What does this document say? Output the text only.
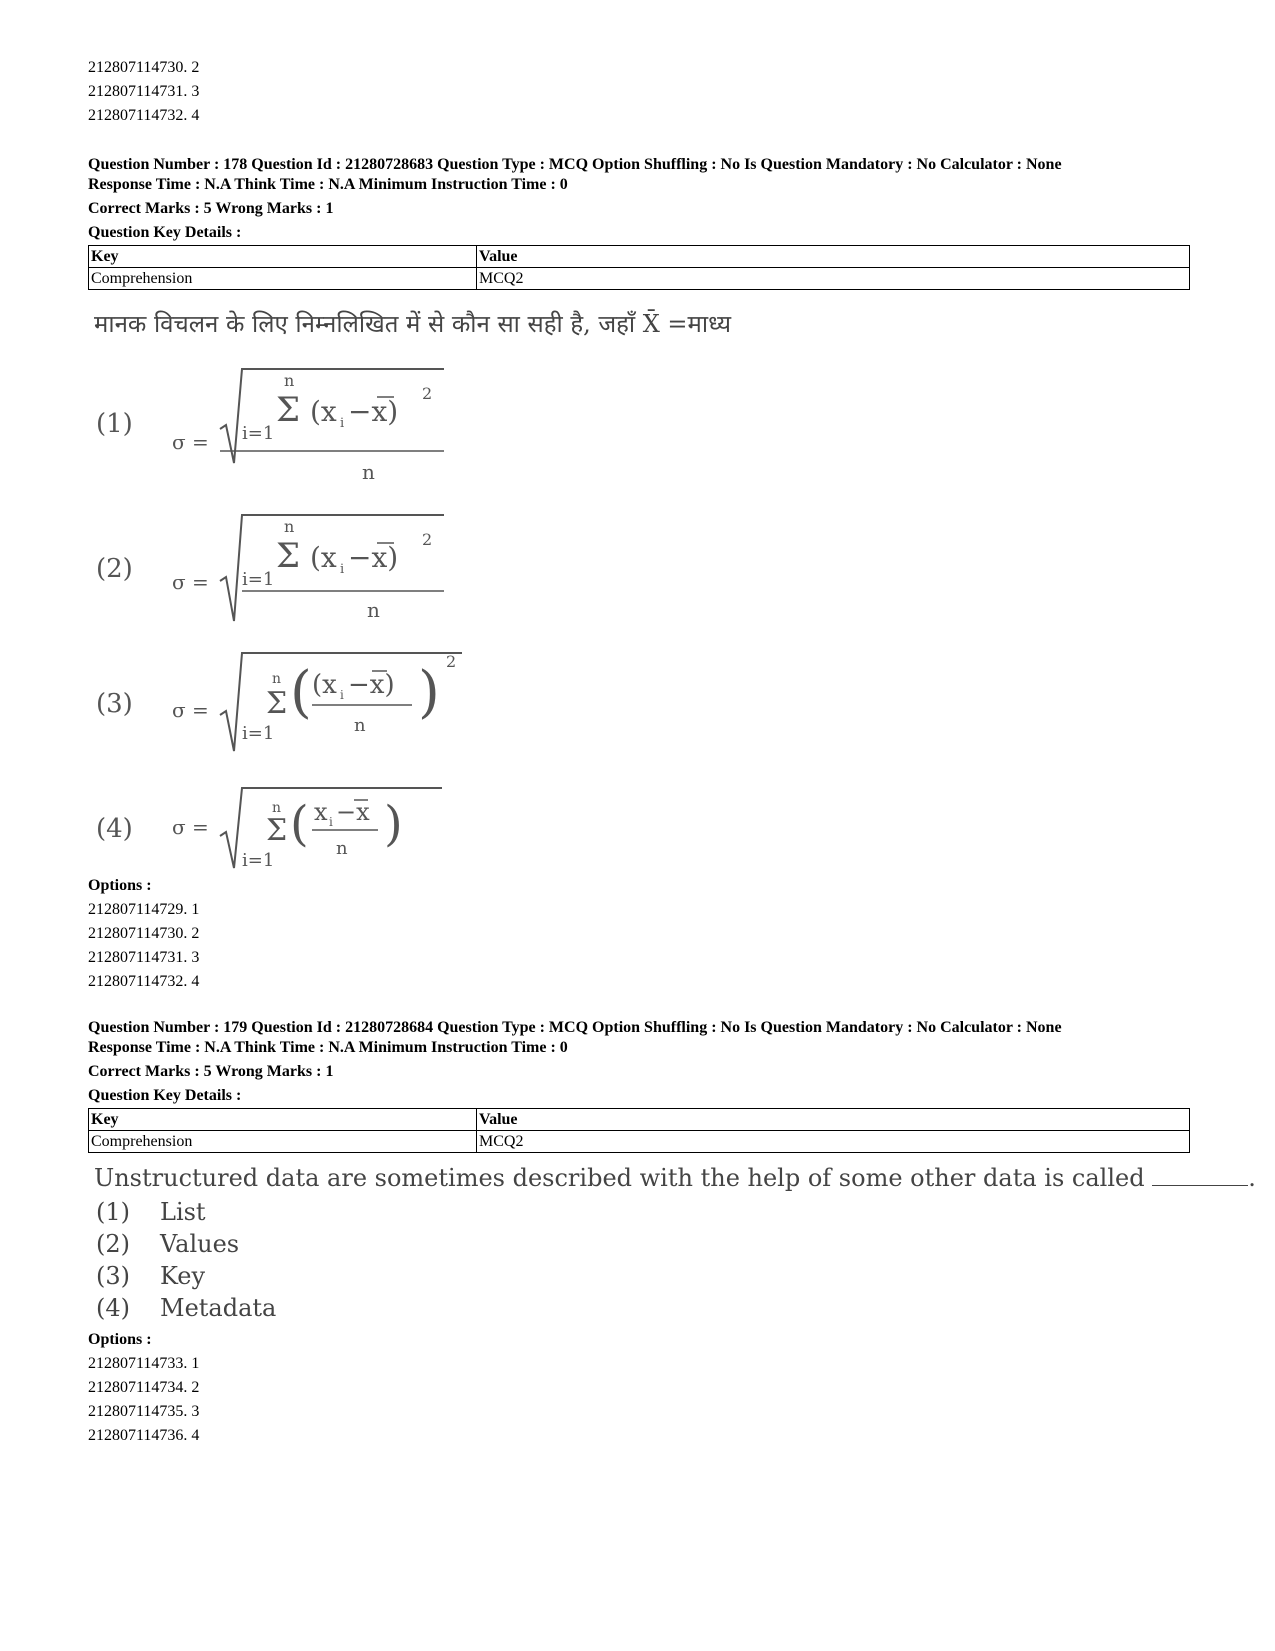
212807114730. 2
212807114731. 3
212807114732. 4
Question Number : 178 Question Id : 21280728683 Question Type : MCQ Option Shuffling : No Is Question Mandatory : No Calculator : None
Response Time : N.A Think Time : N.A Minimum Instruction Time : 0
Correct Marks : 5 Wrong Marks : 1
Question Key Details :
Key	Value
Comprehension	MCQ2
मानक विचलन के लिए निम्नलिखित में से कौन सा सही है, जहाँ X̄ =माध्य
(1)
σ =
n
Σ
i=1
(x i −x)
2
n
(2)	σ =
n
Σ
i=1
(x i −x)
2
n
(3)	σ =
n
Σ
i=1
( (x i −x)
n
) 2
(4)	σ =
n
Σ
i=1
( x i −x
n )
Options :
212807114729. 1
212807114730. 2
212807114731. 3
212807114732. 4
Question Number : 179 Question Id : 21280728684 Question Type : MCQ Option Shuffling : No Is Question Mandatory : No Calculator : None
Response Time : N.A Think Time : N.A Minimum Instruction Time : 0
Correct Marks : 5 Wrong Marks : 1
Question Key Details :
Key	Value
Comprehension	MCQ2
Unstructured data are sometimes described with the help of some other data is called	.
(1)	List
(2)	Values
(3)	Key
(4)	Metadata
Options :
212807114733. 1
212807114734. 2
212807114735. 3
212807114736. 4
